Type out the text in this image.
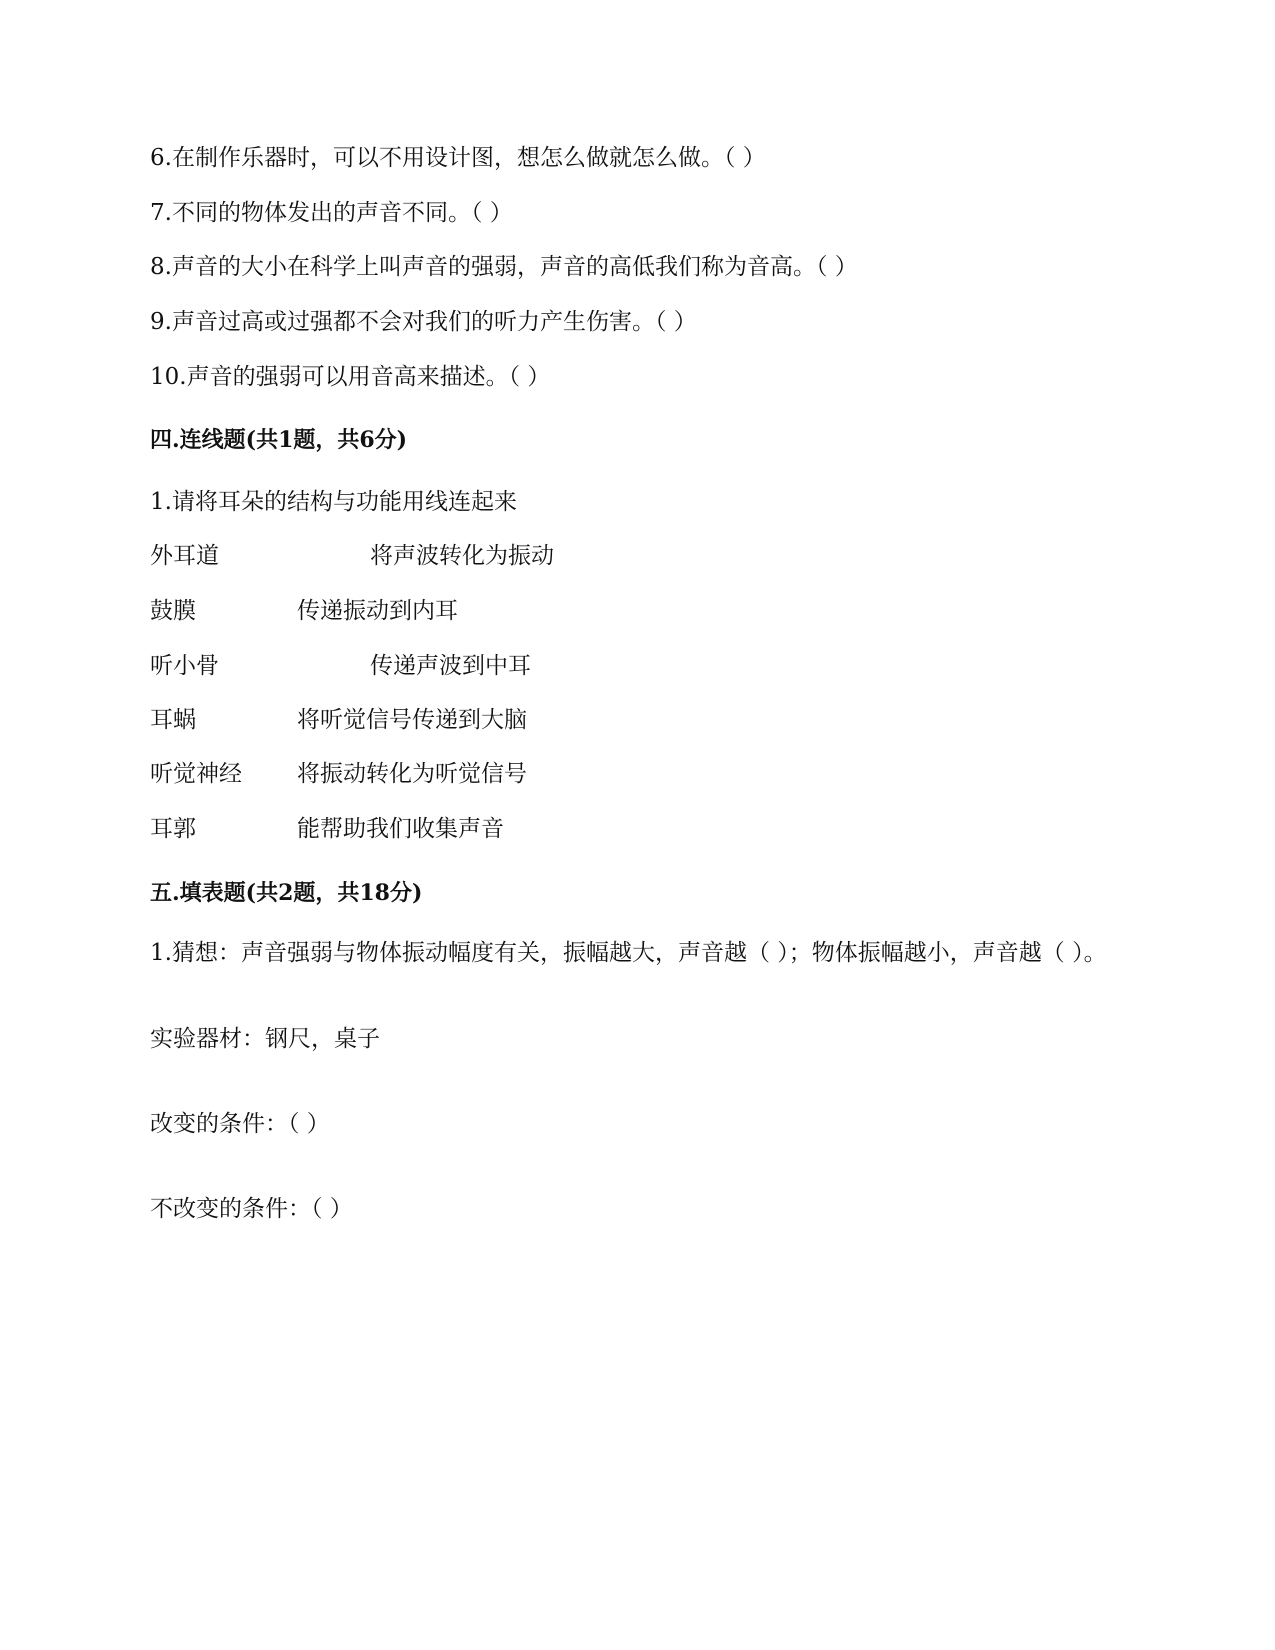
6.在制作乐器时，可以不用设计图，想怎么做就怎么做。（ ）
7.不同的物体发出的声音不同。（ ）
8.声音的大小在科学上叫声音的强弱，声音的高低我们称为音高。（ ）
9.声音过高或过强都不会对我们的听力产生伤害。（ ）
10.声音的强弱可以用音高来描述。（ ）
四.连线题(共1题，共6分)
1.请将耳朵的结构与功能用线连起来
外耳道	将声波转化为振动
鼓膜	传递振动到内耳
听小骨	传递声波到中耳
耳蜗	将听觉信号传递到大脑
听觉神经 将振动转化为听觉信号
耳郭	能帮助我们收集声音
五.填表题(共2题，共18分)
1.猜想：声音强弱与物体振动幅度有关，振幅越大，声音越（ ）；物体振幅越小，声音越（ ）。
实验器材：钢尺，桌子
改变的条件：（ ）
不改变的条件：（ ）
